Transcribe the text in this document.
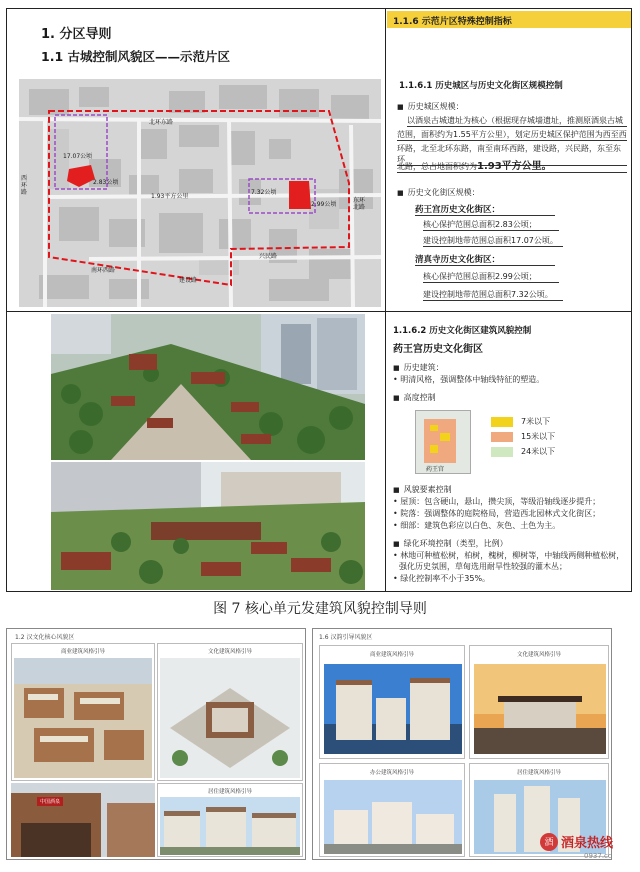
1. 分区导则
1.1 古城控制风貌区——示范片区
北环东路
西环路
东环北路
南环西路
建设路
兴民路
17.07公顷
2.83公顷
1.93平方公里
7.32公顷
2.99公顷
1.1.6 示范片区特殊控制指标
1.1.6.1 历史城区与历史文化街区规模控制
■ 历史城区规模：
以酒泉古城遗址为核心（根据现存城墙遗址，推测原酒泉古城
范围，面积约为1.55平方公里），划定历史城区保护范围为西至西
环路，北至北环东路，南至南环西路，建设路，兴民路，东至东环
北路，总占地面积约为1.93平方公里。
■ 历史文化街区规模：
药王宫历史文化街区：
核心保护范围总面积2.83公顷；
建设控制地带范围总面积17.07公顷。
清真寺历史文化街区：
核心保护范围总面积2.99公顷；
建设控制地带范围总面积7.32公顷。
1.1.6.2 历史文化街区建筑风貌控制
药王宫历史文化街区
■ 历史建筑：
• 明清风格，强调整体中轴线特征的塑造。
■ 高度控制
药王宫
7米以下
15米以下
24米以下
■ 风貌要素控制
• 屋顶：包含硬山，悬山，攒尖顶，等级沿轴线逐步提升；
• 院落：强调整体的庭院格局，营造西北园林式文化街区；
• 细部：建筑色彩应以白色、灰色、土色为主。
■ 绿化环境控制（类型，比例）
• 林地可种植松树，柏树，槐树，柳树等，中轴线两侧种植松树，
强化历史氛围，草甸选用耐旱性较强的灌木丛；
• 绿化控制率不小于35%。
图 7 核心单元发建筑风貌控制导则
1.2 汉文化核心风貌区
商业建筑风格引导	文化建筑风格引导
中国酒泉
居住建筑风格引导
1.6 汉韵引导风貌区
商业建筑风格引导	文化建筑风格引导
办公建筑风格引导	居住建筑风格引导
酒 酒泉热线
0937.cc
